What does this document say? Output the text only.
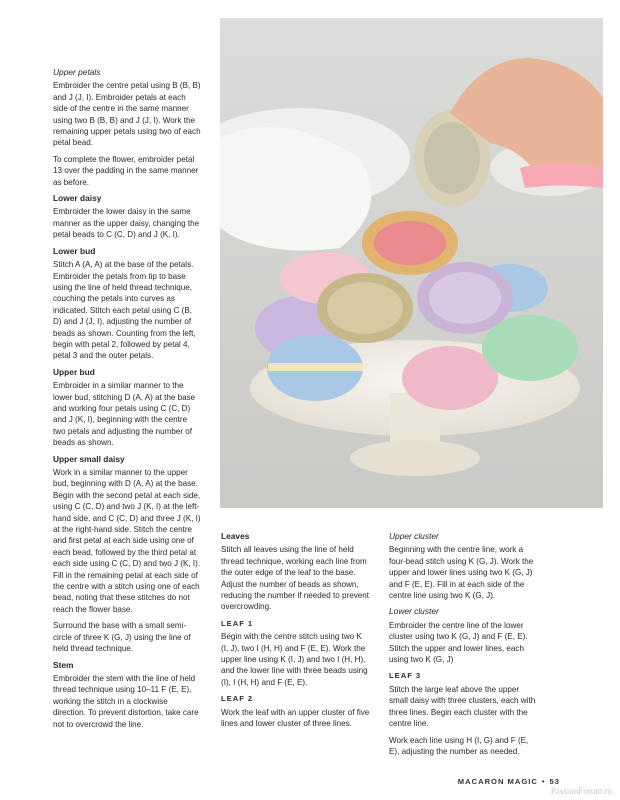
Upper petals

Embroider the centre petal using B (B, B) and J (J, I). Embroider petals at each side of the centre in the same manner using two B (B, B) and J (J, I). Work the remaining upper petals using two of each petal bead.

To complete the flower, embroider petal 13 over the padding in the same manner as before.

Lower daisy

Embroider the lower daisy in the same manner as the upper daisy, changing the petal beads to C (C, D) and J (K, I).

Lower bud

Stitch A (A, A) at the base of the petals. Embroider the petals from tip to base using the line of held thread technique, couching the petals into curves as indicated. Stitch each petal using C (B, D) and J (J, I), adjusting the number of beads as shown. Counting from the left, begin with petal 2, followed by petal 4, petal 3 and the outer petals.

Upper bud

Embroider in a similar manner to the lower bud, stitching D (A, A) at the base and working four petals using C (C, D) and J (K, I), beginning with the centre two petals and adjusting the number of beads as shown.

Upper small daisy

Work in a similar manner to the upper bud, beginning with D (A, A) at the base. Begin with the second petal at each side, using C (C, D) and two J (K, I) at the left-hand side, and C (C, D) and three J (K, I) at the right-hand side. Stitch the centre and first petal at each side using one of each bead, followed by the third petal at each side using C (C, D) and two J (K, I). Fill in the remaining petal at each side of the centre with a stitch using one of each bead, noting that these stitches do not reach the flower base.

Surround the base with a small semi-circle of three K (G, J) using the line of held thread technique.

Stem

Embroider the stem with the line of held thread technique using 10–11 F (E, E), working the stitch in a clockwise direction. To prevent distortion, take care not to overcrowd the line.

Leaves

Stitch all leaves using the line of held thread technique, working each line from the outer edge of the leaf to the base. Adjust the number of beads as shown, reducing the number if needed to prevent overcrowding.

LEAF 1

Begin with the centre stitch using two K (I, J), two I (H, H) and F (E, E). Work the upper line using K (I, J) and two I (H, H), and the lower line with three beads using (I), I (H, H) and F (E, E).

LEAF 2

Work the leaf with an upper cluster of five lines and lower cluster of three lines.

Upper cluster

Beginning with the centre line, work a four-bead stitch using K (G, J). Work the upper and lower lines using two K (G, J) and F (E, E). Fill in at each side of the centre line using two K (G, J).

Lower cluster

Embroider the centre line of the lower cluster using two K (G, J) and F (E, E). Stitch the upper and lower lines, each using two K (G, J)

LEAF 3

Stitch the large leaf above the upper small daisy with three clusters, each with three lines. Begin each cluster with the centre line.

Work each line using H (I, G) and F (E, E), adjusting the number as needed.

MACARON MAGIC • 53
PassionForum.ru
